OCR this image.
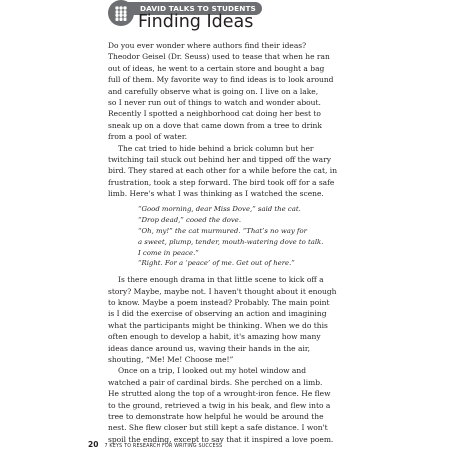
DAVID TALKS TO STUDENTS
Finding Ideas

Do you ever wonder where authors find their ideas?
Theodor Geisel (Dr. Seuss) used to tease that when he ran
out of ideas, he went to a certain store and bought a bag
full of them. My favorite way to find ideas is to look around
and carefully observe what is going on. I live on a lake,
so I never run out of things to watch and wonder about.
Recently I spotted a neighborhood cat doing her best to
sneak up on a dove that came down from a tree to drink
from a pool of water.

The cat tried to hide behind a brick column but her
twitching tail stuck out behind her and tipped off the wary
bird. They stared at each other for a while before the cat, in
frustration, took a step forward. The bird took off for a safe
limb. Here's what I was thinking as I watched the scene.

“Good morning, dear Miss Dove,” said the cat.
“Drop dead,” cooed the dove.
“Oh, my!” the cat murmured. “That’s no way for
a sweet, plump, tender, mouth-watering dove to talk.
I come in peace.”
“Right. For a ‘peace’ of me. Get out of here.”

Is there enough drama in that little scene to kick off a
story? Maybe, maybe not. I haven't thought about it enough
to know. Maybe a poem instead? Probably. The main point
is I did the exercise of observing an action and imagining
what the participants might be thinking. When we do this
often enough to develop a habit, it's amazing how many
ideas dance around us, waving their hands in the air,
shouting, “Me! Me! Choose me!”

Once on a trip, I looked out my hotel window and
watched a pair of cardinal birds. She perched on a limb.
He strutted along the top of a wrought-iron fence. He flew
to the ground, retrieved a twig in his beak, and flew into a
tree to demonstrate how helpful he would be around the
nest. She flew closer but still kept a safe distance. I won't
spoil the ending, except to say that it inspired a love poem.

20 7 KEYS TO RESEARCH FOR WRITING SUCCESS
